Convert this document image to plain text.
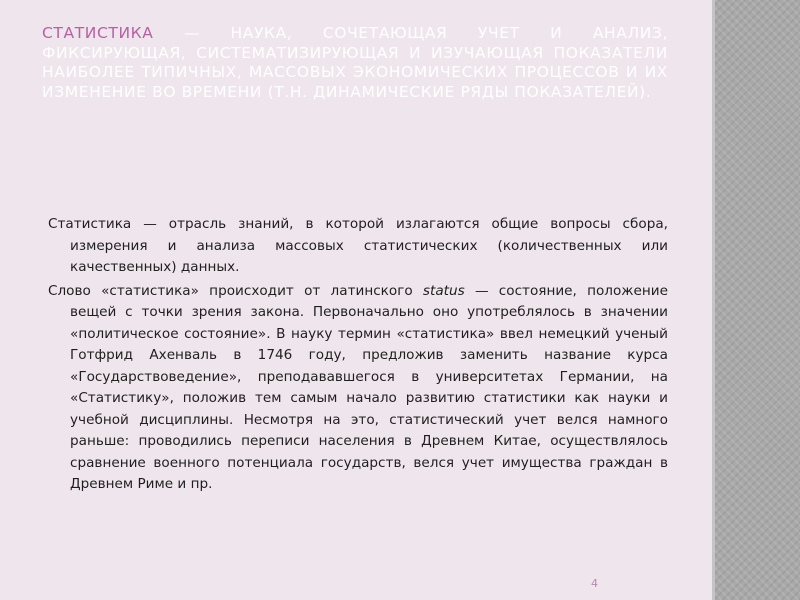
СТАТИСТИКА — НАУКА, СОЧЕТАЮЩАЯ УЧЕТ И АНАЛИЗ, ФИКСИРУЮЩАЯ, СИСТЕМАТИЗИРУЮЩАЯ И ИЗУЧАЮЩАЯ ПОКАЗАТЕЛИ НАИБОЛЕЕ ТИПИЧНЫХ, МАССОВЫХ ЭКОНОМИЧЕСКИХ ПРОЦЕССОВ И ИХ ИЗМЕНЕНИЕ ВО ВРЕМЕНИ (Т.Н. ДИНАМИЧЕСКИЕ РЯДЫ ПОКАЗАТЕЛЕЙ).

Статистика — отрасль знаний, в которой излагаются общие вопросы сбора, измерения и анализа массовых статистических (количественных или качественных) данных.

Слово «статистика» происходит от латинского status — состояние, положение вещей с точки зрения закона. Первоначально оно употреблялось в значении «политическое состояние». В науку термин «статистика» ввел немецкий ученый Готфрид Ахенваль в 1746 году, предложив заменить название курса «Государствоведение», преподававшегося в университетах Германии, на «Статистику», положив тем самым начало развитию статистики как науки и учебной дисциплины. Несмотря на это, статистический учет велся намного раньше: проводились переписи населения в Древнем Китае, осуществлялось сравнение военного потенциала государств, велся учет имущества граждан в Древнем Риме и пр.

4
